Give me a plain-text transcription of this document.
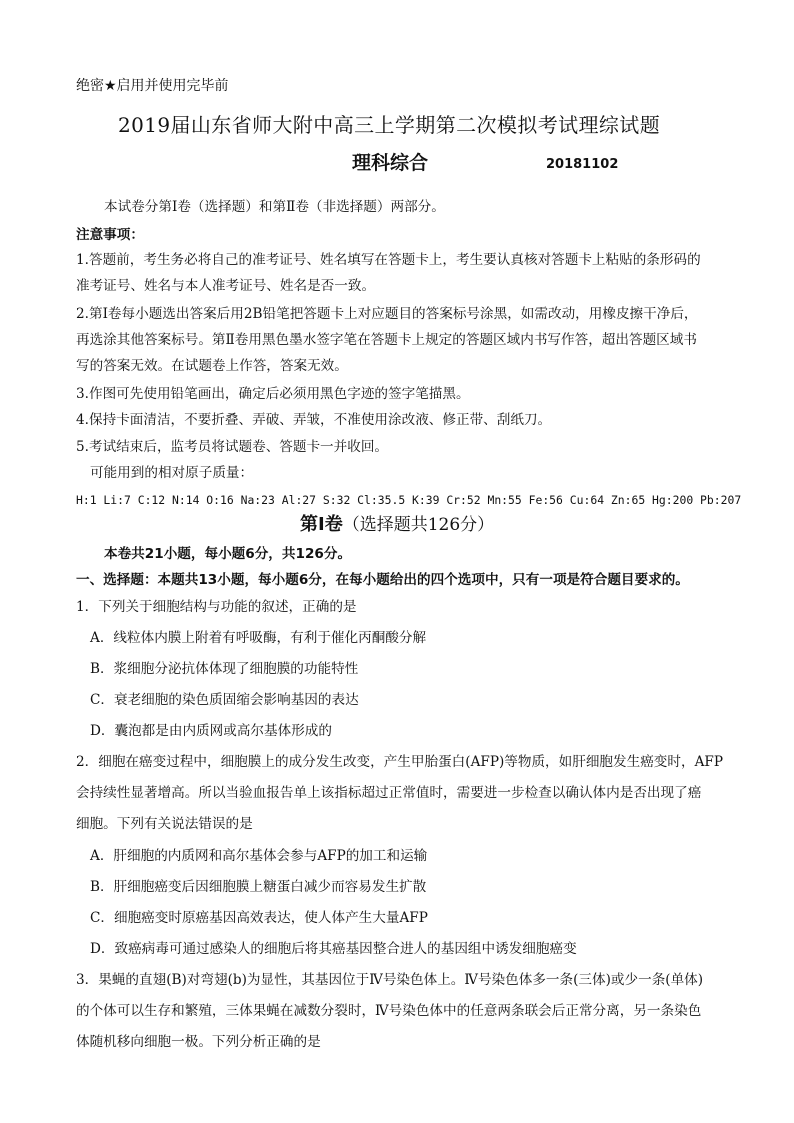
绝密★启用并使用完毕前
2019届山东省师大附中高三上学期第二次模拟考试理综试题
理科综合	20181102
本试卷分第Ⅰ卷（选择题）和第Ⅱ卷（非选择题）两部分。
注意事项：
1.答题前，考生务必将自己的准考证号、姓名填写在答题卡上，考生要认真核对答题卡上粘贴的条形码的
准考证号、姓名与本人准考证号、姓名是否一致。
2.第Ⅰ卷每小题选出答案后用2B铅笔把答题卡上对应题目的答案标号涂黑，如需改动，用橡皮擦干净后，
再选涂其他答案标号。第Ⅱ卷用黑色墨水签字笔在答题卡上规定的答题区域内书写作答，超出答题区域书
写的答案无效。在试题卷上作答，答案无效。
3.作图可先使用铅笔画出，确定后必须用黑色字迹的签字笔描黑。
4.保持卡面清洁，不要折叠、弄破、弄皱，不准使用涂改液、修正带、刮纸刀。
5.考试结束后，监考员将试题卷、答题卡一并收回。
可能用到的相对原子质量：
H:1 Li:7 C:12 N:14 O:16 Na:23 Al:27 S:32 Cl:35.5 K:39 Cr:52 Mn:55 Fe:56 Cu:64 Zn:65 Hg:200 Pb:207
第Ⅰ卷（选择题共126分）
本卷共21小题，每小题6分，共126分。
一、选择题：本题共13小题，每小题6分，在每小题给出的四个选项中，只有一项是符合题目要求的。
1．下列关于细胞结构与功能的叙述，正确的是
A．线粒体内膜上附着有呼吸酶，有利于催化丙酮酸分解
B．浆细胞分泌抗体体现了细胞膜的功能特性
C．衰老细胞的染色质固缩会影响基因的表达
D．囊泡都是由内质网或高尔基体形成的
2．细胞在癌变过程中，细胞膜上的成分发生改变，产生甲胎蛋白(AFP)等物质，如肝细胞发生癌变时，AFP
会持续性显著增高。所以当验血报告单上该指标超过正常值时，需要进一步检查以确认体内是否出现了癌
细胞。下列有关说法错误的是
A．肝细胞的内质网和高尔基体会参与AFP的加工和运输
B．肝细胞癌变后因细胞膜上糖蛋白减少而容易发生扩散
C．细胞癌变时原癌基因高效表达，使人体产生大量AFP
D．致癌病毒可通过感染人的细胞后将其癌基因整合进人的基因组中诱发细胞癌变
3．果蝇的直翅(B)对弯翅(b)为显性，其基因位于Ⅳ号染色体上。Ⅳ号染色体多一条(三体)或少一条(单体)
的个体可以生存和繁殖，三体果蝇在减数分裂时，Ⅳ号染色体中的任意两条联会后正常分离，另一条染色
体随机移向细胞一极。下列分析正确的是
